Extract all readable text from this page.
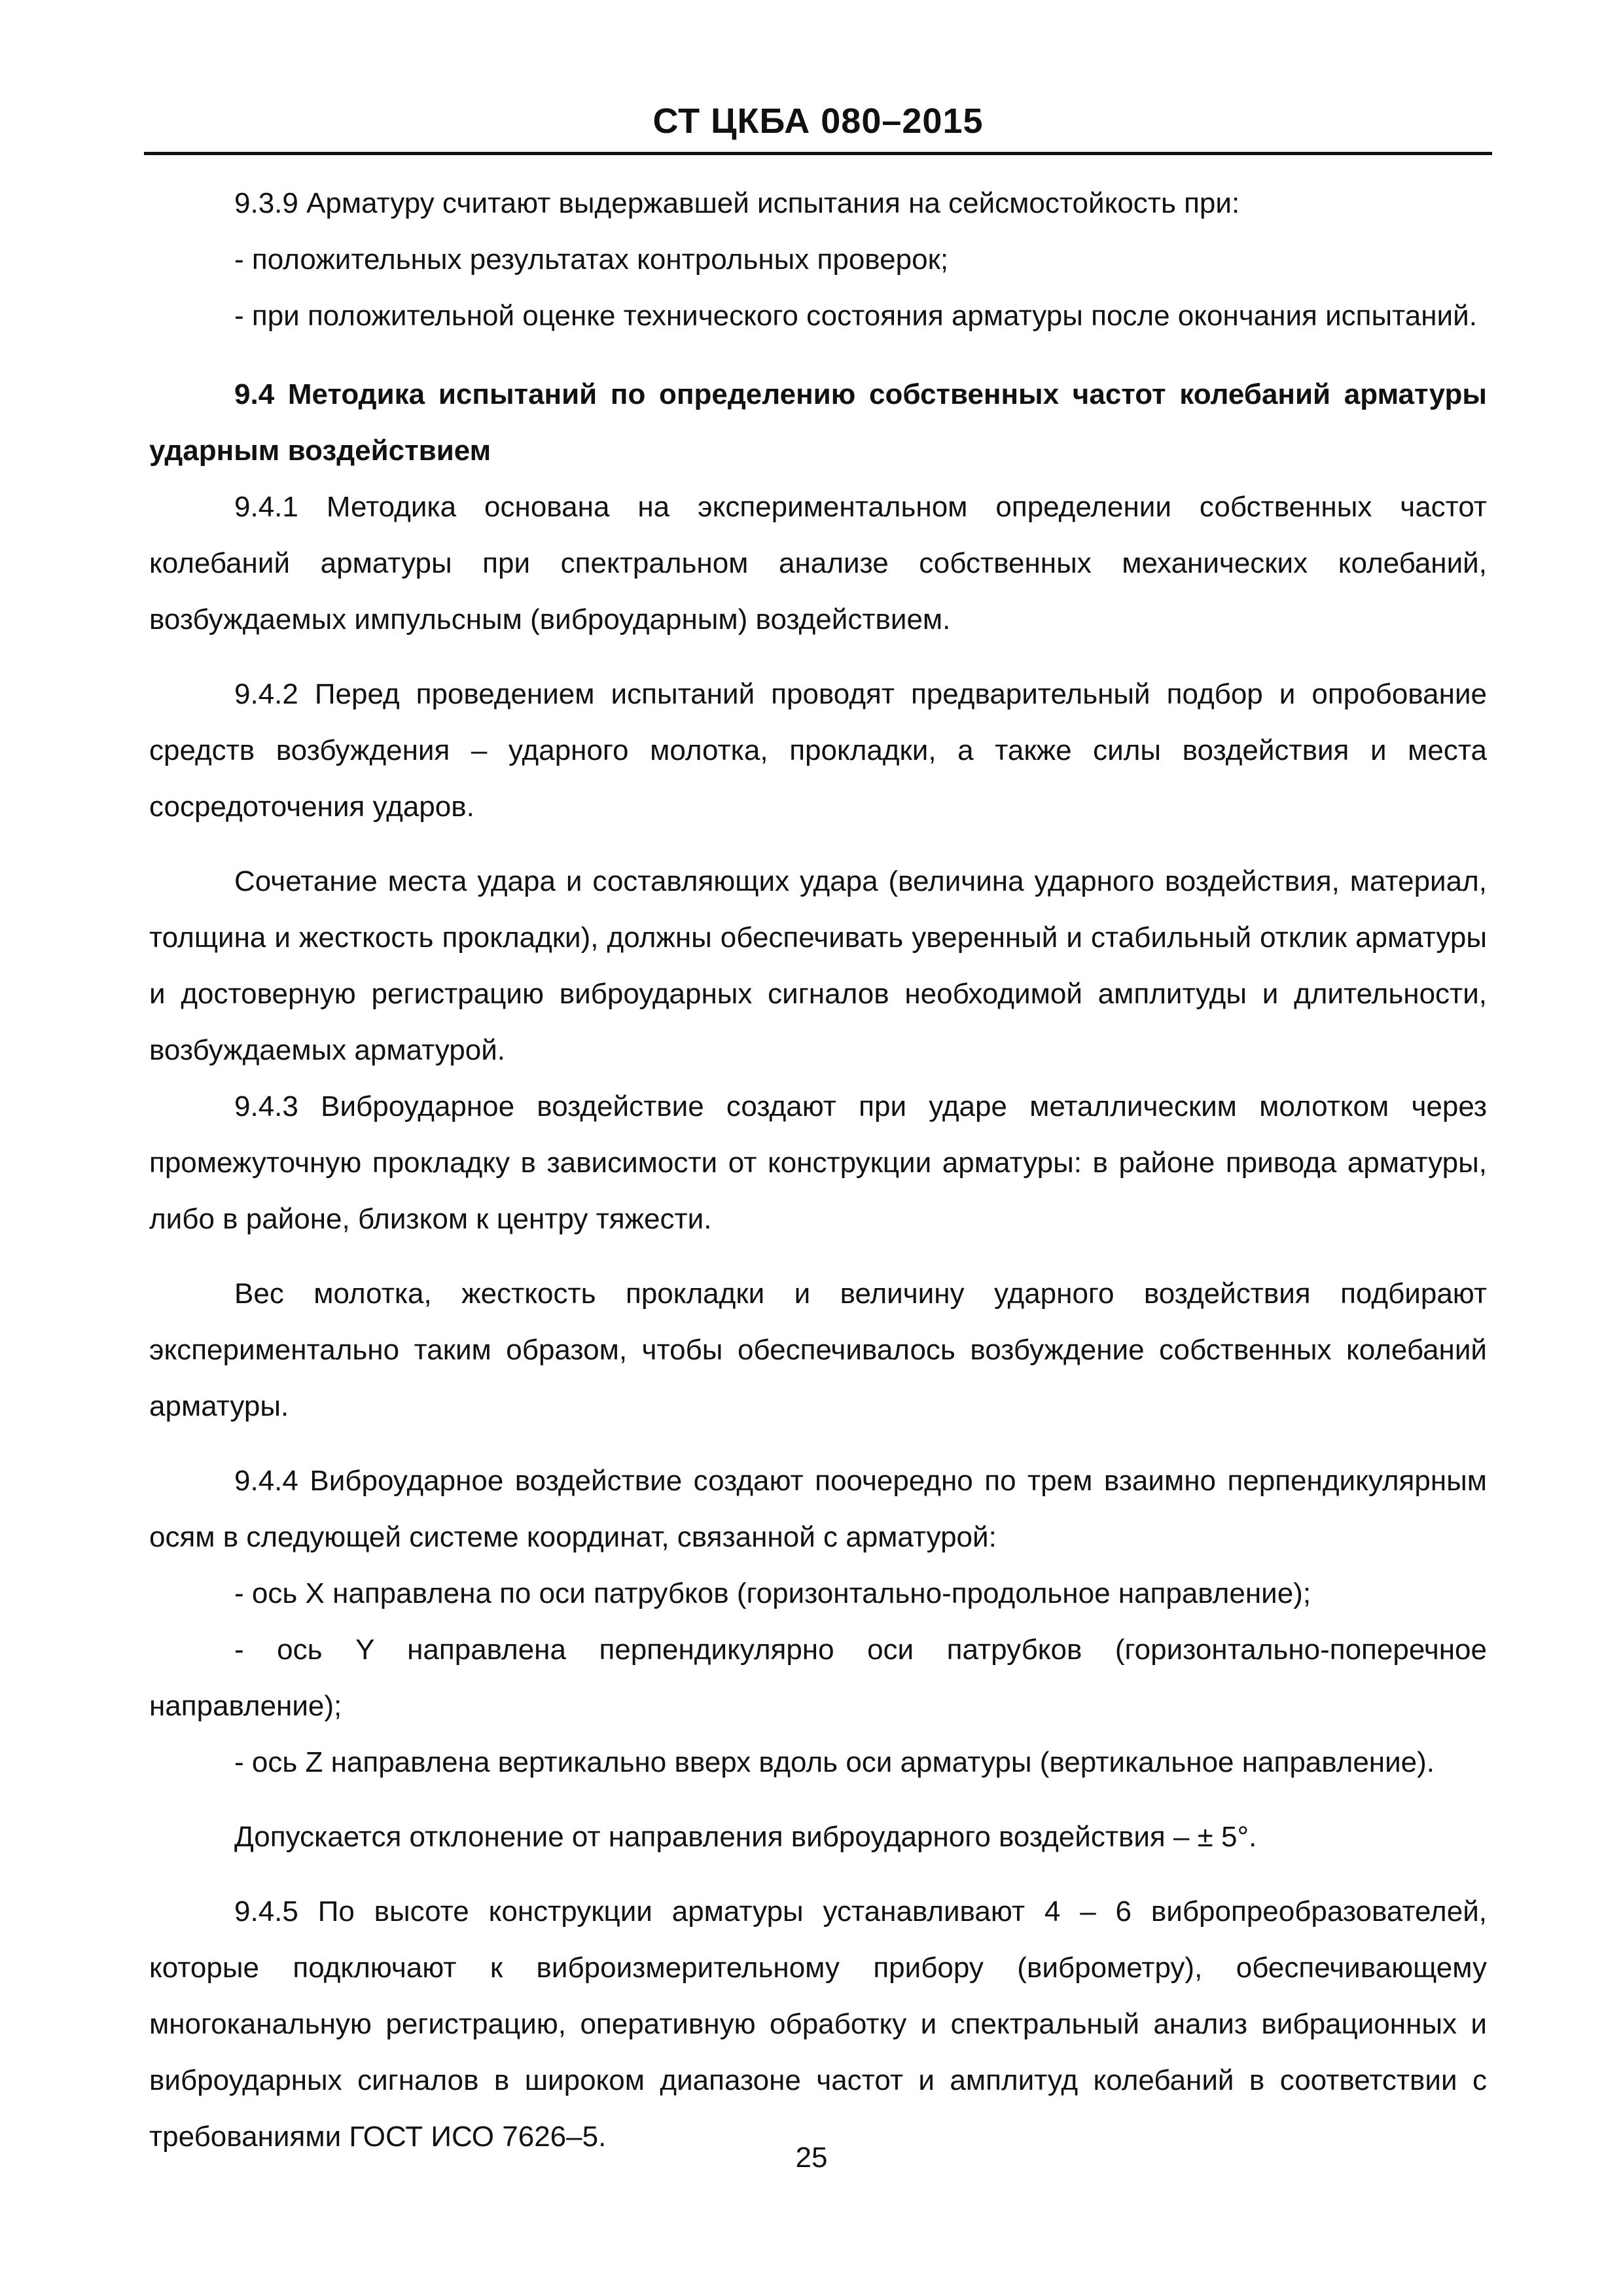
СТ ЦКБА 080–2015

9.3.9 Арматуру считают выдержавшей испытания на сейсмостойкость при:

- положительных результатах контрольных проверок;

- при положительной оценке технического состояния арматуры после окончания испытаний.

9.4 Методика испытаний по определению собственных частот колебаний арматуры ударным воздействием

9.4.1 Методика основана на экспериментальном определении собственных частот колебаний арматуры при спектральном анализе собственных механических колебаний, возбуждаемых импульсным (виброударным) воздействием.

9.4.2 Перед проведением испытаний проводят предварительный подбор и опробование средств возбуждения – ударного молотка, прокладки, а также силы воздействия и места сосредоточения ударов.

Сочетание места удара и составляющих удара (величина ударного воздействия, материал, толщина и жесткость прокладки), должны обеспечивать уверенный и стабильный отклик арматуры и достоверную регистрацию виброударных сигналов необходимой амплитуды и длительности, возбуждаемых арматурой.

9.4.3 Виброударное воздействие создают при ударе металлическим молотком через промежуточную прокладку в зависимости от конструкции арматуры: в районе привода арматуры, либо в районе, близком к центру тяжести.

Вес молотка, жесткость прокладки и величину ударного воздействия подбирают экспериментально таким образом, чтобы обеспечивалось возбуждение собственных колебаний арматуры.

9.4.4 Виброударное воздействие создают поочередно по трем взаимно перпендикулярным осям в следующей системе координат, связанной с арматурой:

- ось X направлена по оси патрубков (горизонтально-продольное направление);

- ось Y направлена перпендикулярно оси патрубков (горизонтально-поперечное направление);

- ось Z направлена вертикально вверх вдоль оси арматуры (вертикальное направление).

Допускается отклонение от направления виброударного воздействия – ± 5°.

9.4.5 По высоте конструкции арматуры устанавливают 4 – 6 вибропреобразователей, которые подключают к виброизмерительному прибору (виброметру), обеспечивающему многоканальную регистрацию, оперативную обработку и спектральный анализ вибрационных и виброударных сигналов в широком диапазоне частот и амплитуд колебаний в соответствии с требованиями ГОСТ ИСО 7626–5.

25
